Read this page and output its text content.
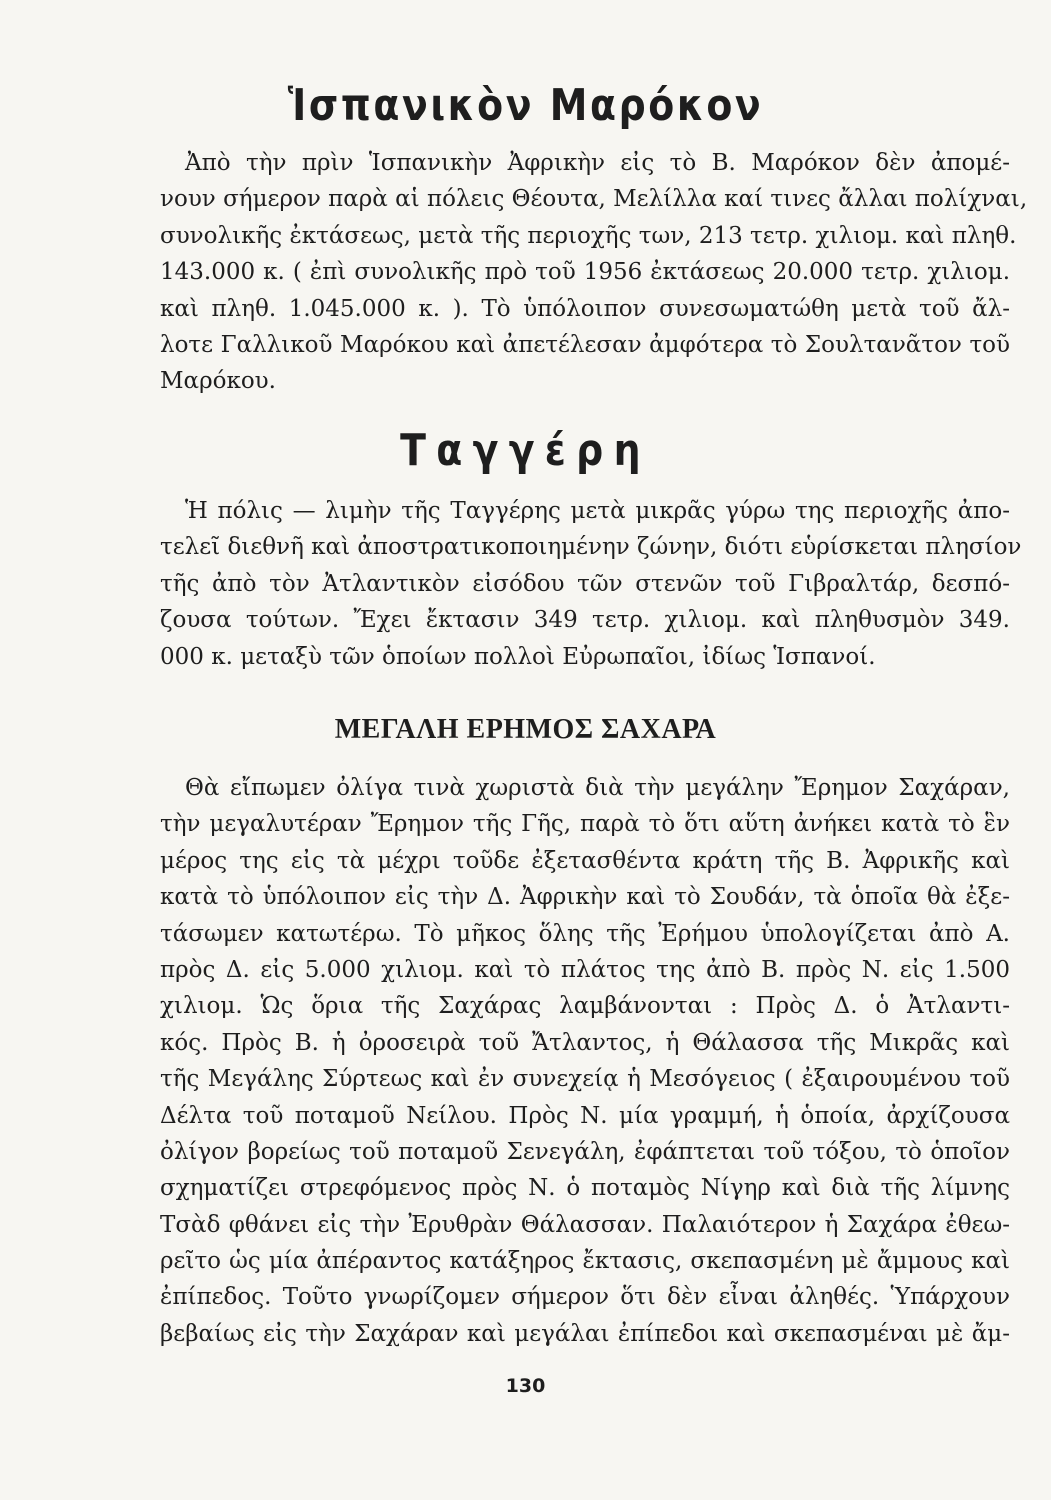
Ἱσπανικὸν Μαρόκον
Ἀπὸ τὴν πρὶν Ἱσπανικὴν Ἀφρικὴν εἰς τὸ Β. Μαρόκον δὲν ἀπομέ-
νουν σήμερον παρὰ αἱ πόλεις Θέουτα, Μελίλλα καί τινες ἄλλαι πολίχναι,
συνολικῆς ἐκτάσεως, μετὰ τῆς περιοχῆς των, 213 τετρ. χιλιομ. καὶ πληθ.
143.000 κ. ( ἐπὶ συνολικῆς πρὸ τοῦ 1956 ἐκτάσεως 20.000 τετρ. χιλιομ.
καὶ πληθ. 1.045.000 κ. ). Τὸ ὑπόλοιπον συνεσωματώθη μετὰ τοῦ ἄλ-
λοτε Γαλλικοῦ Μαρόκου καὶ ἀπετέλεσαν ἀμφότερα τὸ Σουλτανᾶτον τοῦ
Μαρόκου.
Ταγγέρη
Ἡ πόλις — λιμὴν τῆς Ταγγέρης μετὰ μικρᾶς γύρω της περιοχῆς ἀπο-
τελεῖ διεθνῆ καὶ ἀποστρατικοποιημένην ζώνην, διότι εὑρίσκεται πλησίον
τῆς ἀπὸ τὸν Ἀτλαντικὸν εἰσόδου τῶν στενῶν τοῦ Γιβραλτάρ, δεσπό-
ζουσα τούτων. Ἔχει ἔκτασιν 349 τετρ. χιλιομ. καὶ πληθυσμὸν 349.
000 κ. μεταξὺ τῶν ὁποίων πολλοὶ Εὐρωπαῖοι, ἰδίως Ἱσπανοί.
ΜΕΓΑΛΗ ΕΡΗΜΟΣ ΣΑΧΑΡΑ
Θὰ εἴπωμεν ὀλίγα τινὰ χωριστὰ διὰ τὴν μεγάλην Ἔρημον Σαχάραν,
τὴν μεγαλυτέραν Ἔρημον τῆς Γῆς, παρὰ τὸ ὅτι αὕτη ἀνήκει κατὰ τὸ ἓν
μέρος της εἰς τὰ μέχρι τοῦδε ἐξετασθέντα κράτη τῆς Β. Ἀφρικῆς καὶ
κατὰ τὸ ὑπόλοιπον εἰς τὴν Δ. Ἀφρικὴν καὶ τὸ Σουδάν, τὰ ὁποῖα θὰ ἐξε-
τάσωμεν κατωτέρω. Τὸ μῆκος ὅλης τῆς Ἐρήμου ὑπολογίζεται ἀπὸ Α.
πρὸς Δ. εἰς 5.000 χιλιομ. καὶ τὸ πλάτος της ἀπὸ Β. πρὸς Ν. εἰς 1.500
χιλιομ. Ὡς ὅρια τῆς Σαχάρας λαμβάνονται : Πρὸς Δ. ὁ Ἀτλαντι-
κός. Πρὸς Β. ἡ ὀροσειρὰ τοῦ Ἄτλαντος, ἡ Θάλασσα τῆς Μικρᾶς καὶ
τῆς Μεγάλης Σύρτεως καὶ ἐν συνεχείᾳ ἡ Μεσόγειος ( ἐξαιρουμένου τοῦ
Δέλτα τοῦ ποταμοῦ Νείλου. Πρὸς Ν. μία γραμμή, ἡ ὁποία, ἀρχίζουσα
ὀλίγον βορείως τοῦ ποταμοῦ Σενεγάλη, ἐφάπτεται τοῦ τόξου, τὸ ὁποῖον
σχηματίζει στρεφόμενος πρὸς Ν. ὁ ποταμὸς Νίγηρ καὶ διὰ τῆς λίμνης
Τσὰδ φθάνει εἰς τὴν Ἐρυθρὰν Θάλασσαν. Παλαιότερον ἡ Σαχάρα ἐθεω-
ρεῖτο ὡς μία ἀπέραντος κατάξηρος ἔκτασις, σκεπασμένη μὲ ἄμμους καὶ
ἐπίπεδος. Τοῦτο γνωρίζομεν σήμερον ὅτι δὲν εἶναι ἀληθές. Ὑπάρχουν
βεβαίως εἰς τὴν Σαχάραν καὶ μεγάλαι ἐπίπεδοι καὶ σκεπασμέναι μὲ ἄμ-
130
